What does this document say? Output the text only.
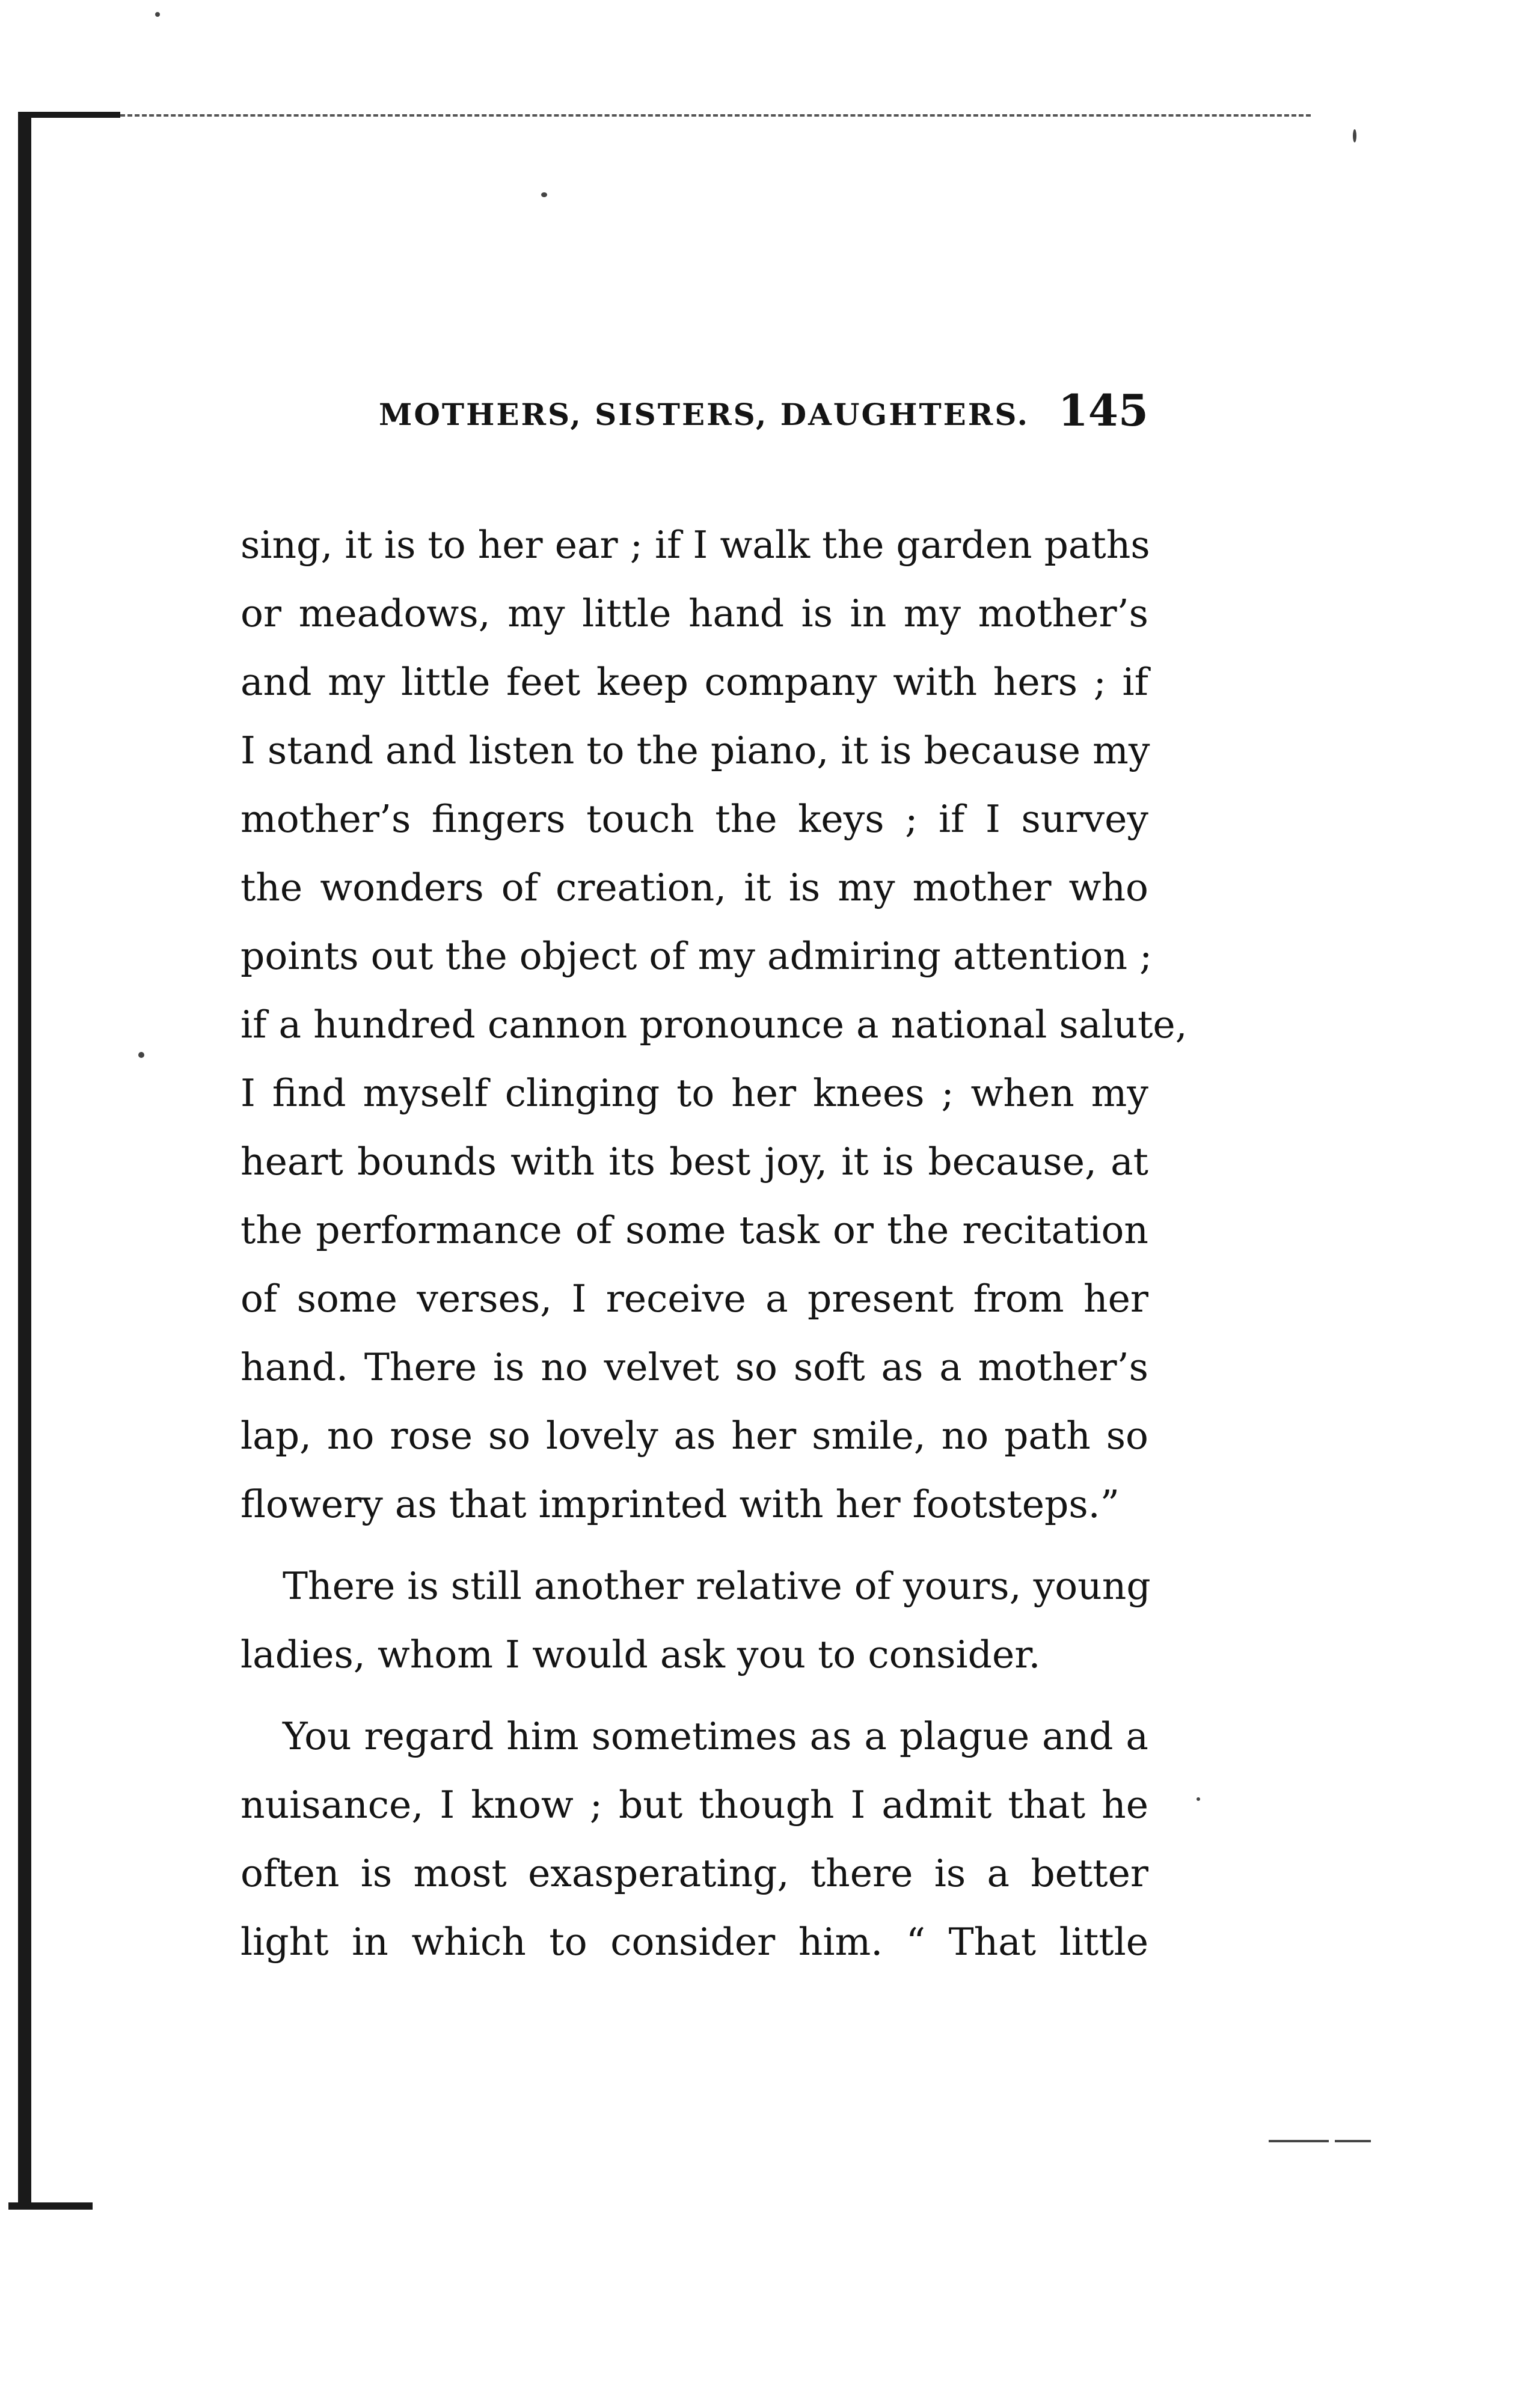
MOTHERS, SISTERS, DAUGHTERS. 145
sing, it is to her ear ; if I walk the garden paths
or meadows, my little hand is in my mother’s
and my little feet keep company with hers ; if
I stand and listen to the piano, it is because my
mother’s fingers touch the keys ; if I survey
the wonders of creation, it is my mother who
points out the object of my admiring attention ;
if a hundred cannon pronounce a national salute,
I find myself clinging to her knees ; when my
heart bounds with its best joy, it is because, at
the performance of some task or the recitation
of some verses, I receive a present from her
hand. There is no velvet so soft as a mother’s
lap, no rose so lovely as her smile, no path so
flowery as that imprinted with her footsteps.”
There is still another relative of yours, young
ladies, whom I would ask you to consider.
You regard him sometimes as a plague and a
nuisance, I know ; but though I admit that he
often is most exasperating, there is a better
light in which to consider him. “ That little
